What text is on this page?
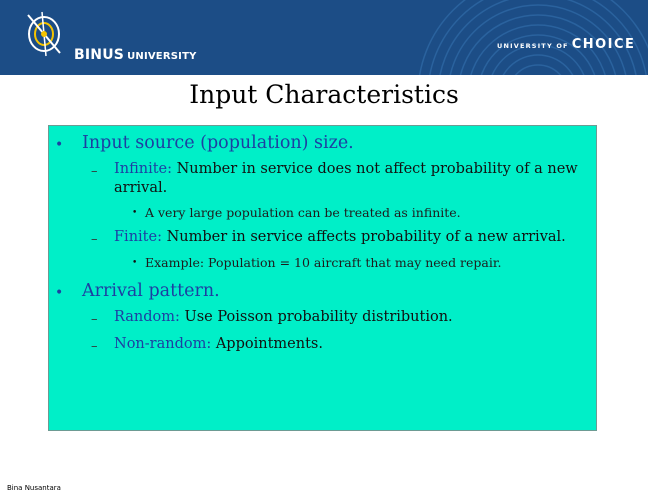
BINUS UNIVERSITY
UNIVERSITY OF CHOICE
Input Characteristics
• Input source (population) size.
– Infinite: Number in service does not affect probability of a new
arrival.
• A very large population can be treated as infinite.
– Finite: Number in service affects probability of a new arrival.
• Example: Population = 10 aircraft that may need repair.
• Arrival pattern.
– Random: Use Poisson probability distribution.
– Non-random: Appointments.
Bina Nusantara
